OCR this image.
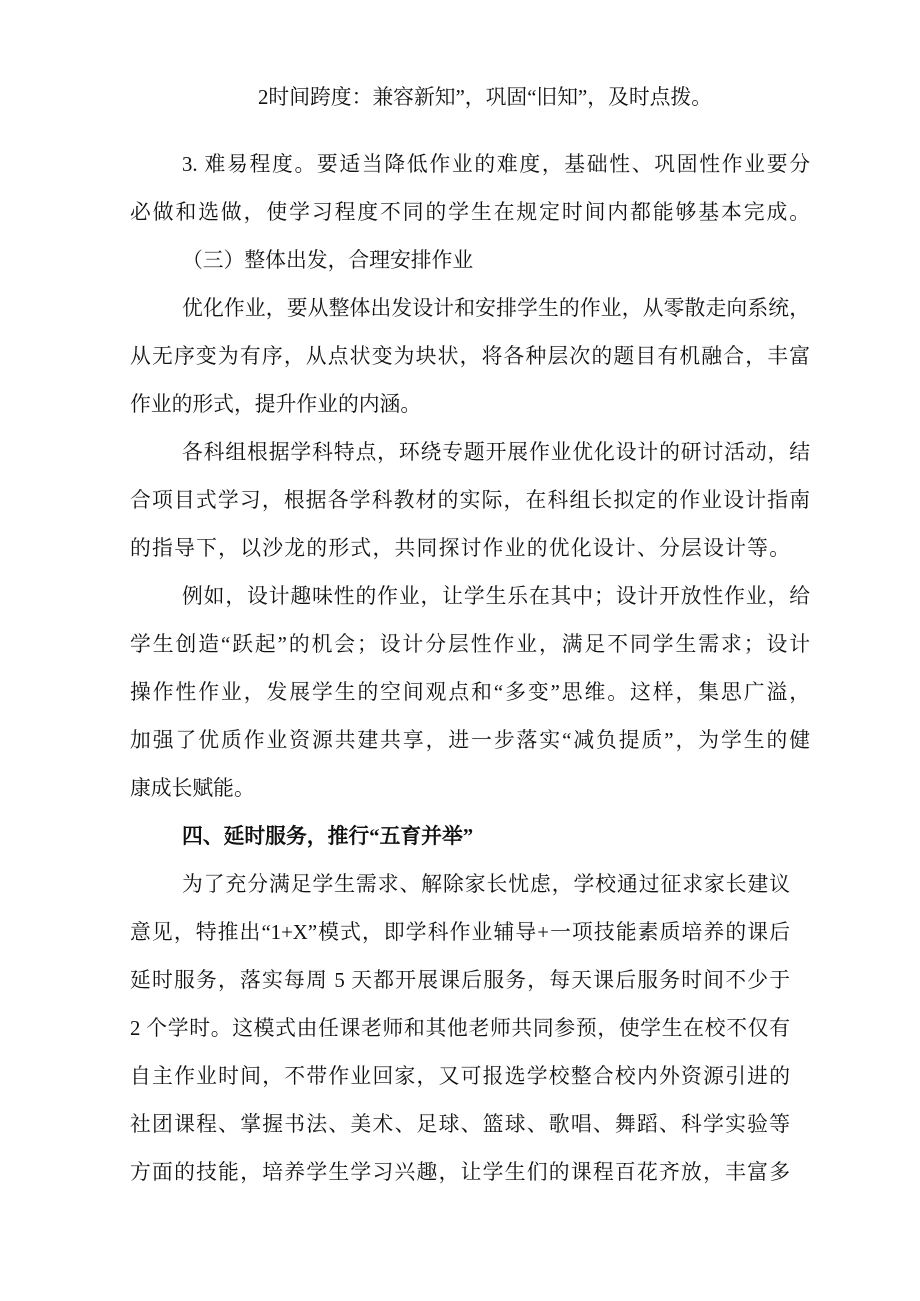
2时间跨度：兼容新知”，巩固“旧知”，及时点拨。
3. 难易程度。要适当降低作业的难度，基础性、巩固性作业要分
必做和选做，使学习程度不同的学生在规定时间内都能够基本完成。
（三）整体出发，合理安排作业
优化作业，要从整体出发设计和安排学生的作业，从零散走向系统，
从无序变为有序，从点状变为块状，将各种层次的题目有机融合，丰富
作业的形式，提升作业的内涵。
各科组根据学科特点，环绕专题开展作业优化设计的研讨活动，结
合项目式学习，根据各学科教材的实际，在科组长拟定的作业设计指南
的指导下，以沙龙的形式，共同探讨作业的优化设计、分层设计等。
例如，设计趣味性的作业，让学生乐在其中；设计开放性作业，给
学生创造“跃起”的机会；设计分层性作业，满足不同学生需求；设计
操作性作业，发展学生的空间观点和“多变”思维。这样，集思广溢，
加强了优质作业资源共建共享，进一步落实“减负提质”，为学生的健
康成长赋能。
四、延时服务，推行“五育并举”
为了充分满足学生需求、解除家长忧虑，学校通过征求家长建议
意见，特推出“1+X”模式，即学科作业辅导+一项技能素质培养的课后
延时服务，落实每周 5 天都开展课后服务，每天课后服务时间不少于
2 个学时。这模式由任课老师和其他老师共同参预，使学生在校不仅有
自主作业时间，不带作业回家，又可报选学校整合校内外资源引进的
社团课程、掌握书法、美术、足球、篮球、歌唱、舞蹈、科学实验等
方面的技能，培养学生学习兴趣，让学生们的课程百花齐放，丰富多
